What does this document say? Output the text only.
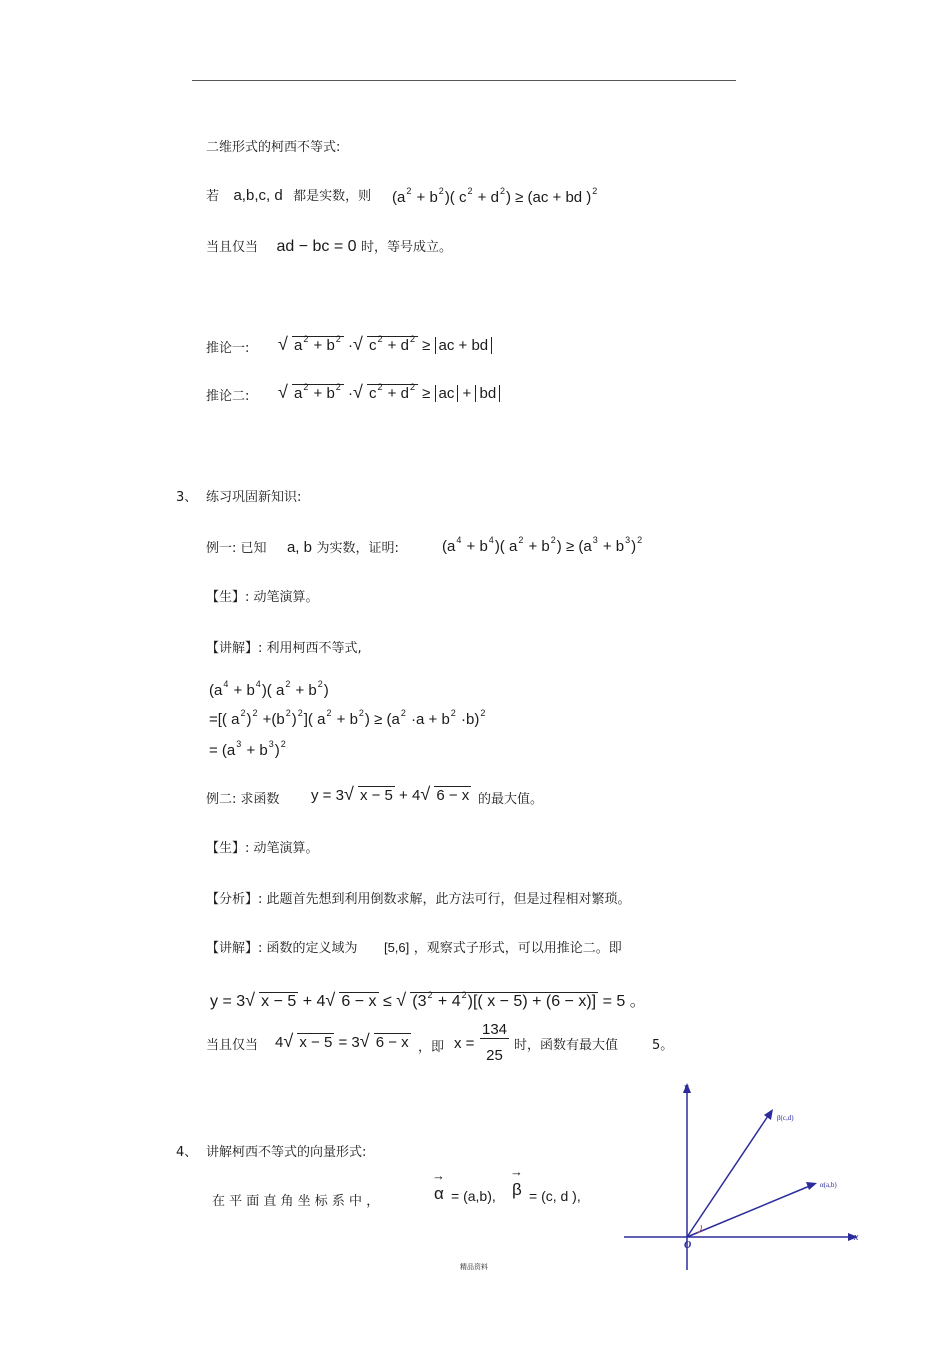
二维形式的柯西不等式:
若 a,b,c, d 都是实数，则 $(a^2 + b^2)$( $c^2 + d^2) \ge (ac$ + bd )$^2$
当且仅当 ad − bc = 0 时，等号成立。
推论一:	√ $a^2 + b^2$ · √ $c^2 + d^2$ ≥ ac + bd
推论二:	√ $a^2 + b^2$ · √ $c^2 + d^2$ ≥ ac + bd
3、 练习巩固新知识:
例一: 已知 a, b 为实数，证明:	$(a^4 + b^4)$( $a^2 + b^2) \ge (a^3 + b^3)^2$
【生】: 动笔演算。
【讲解】: 利用柯西不等式,
$(a^4 + b^4)$( $a^2 + b^2$)
=[( $a^2)^2 +(b^2)^2$]( $a^2 + b^2) \ge (a^2 \cdot a + b^2 \cdot b)^2$
= $(a^3 + b^3)^2$
例二: 求函数 y = 3 √ x − 5 + 4 √ 6 − x 的最大值。
【生】: 动笔演算。
【分析】: 此题首先想到利用倒数求解，此方法可行，但是过程相对繁琐。
【讲解】: 函数的定义域为 [5,6] ，观察式子形式，可以用推论二。即
y = 3 √ x − 5 + 4 √ 6 − x ≤ √ $(3^2 + 4^2)$[( x − 5) + (6 − x)] = 5 。
当且仅当 4 √ x − 5 = 3 √ 6 − x ，即 $x = \frac{134}{25}$ 时，函数有最大值	5。
4、 讲解柯西不等式的向量形式:
在 平 面 直 角 坐 标 系 中 ，	→ α = (a,b), → β = (c, d ),
y
x
O
β(c,d)
α(a,b)
精品资料
